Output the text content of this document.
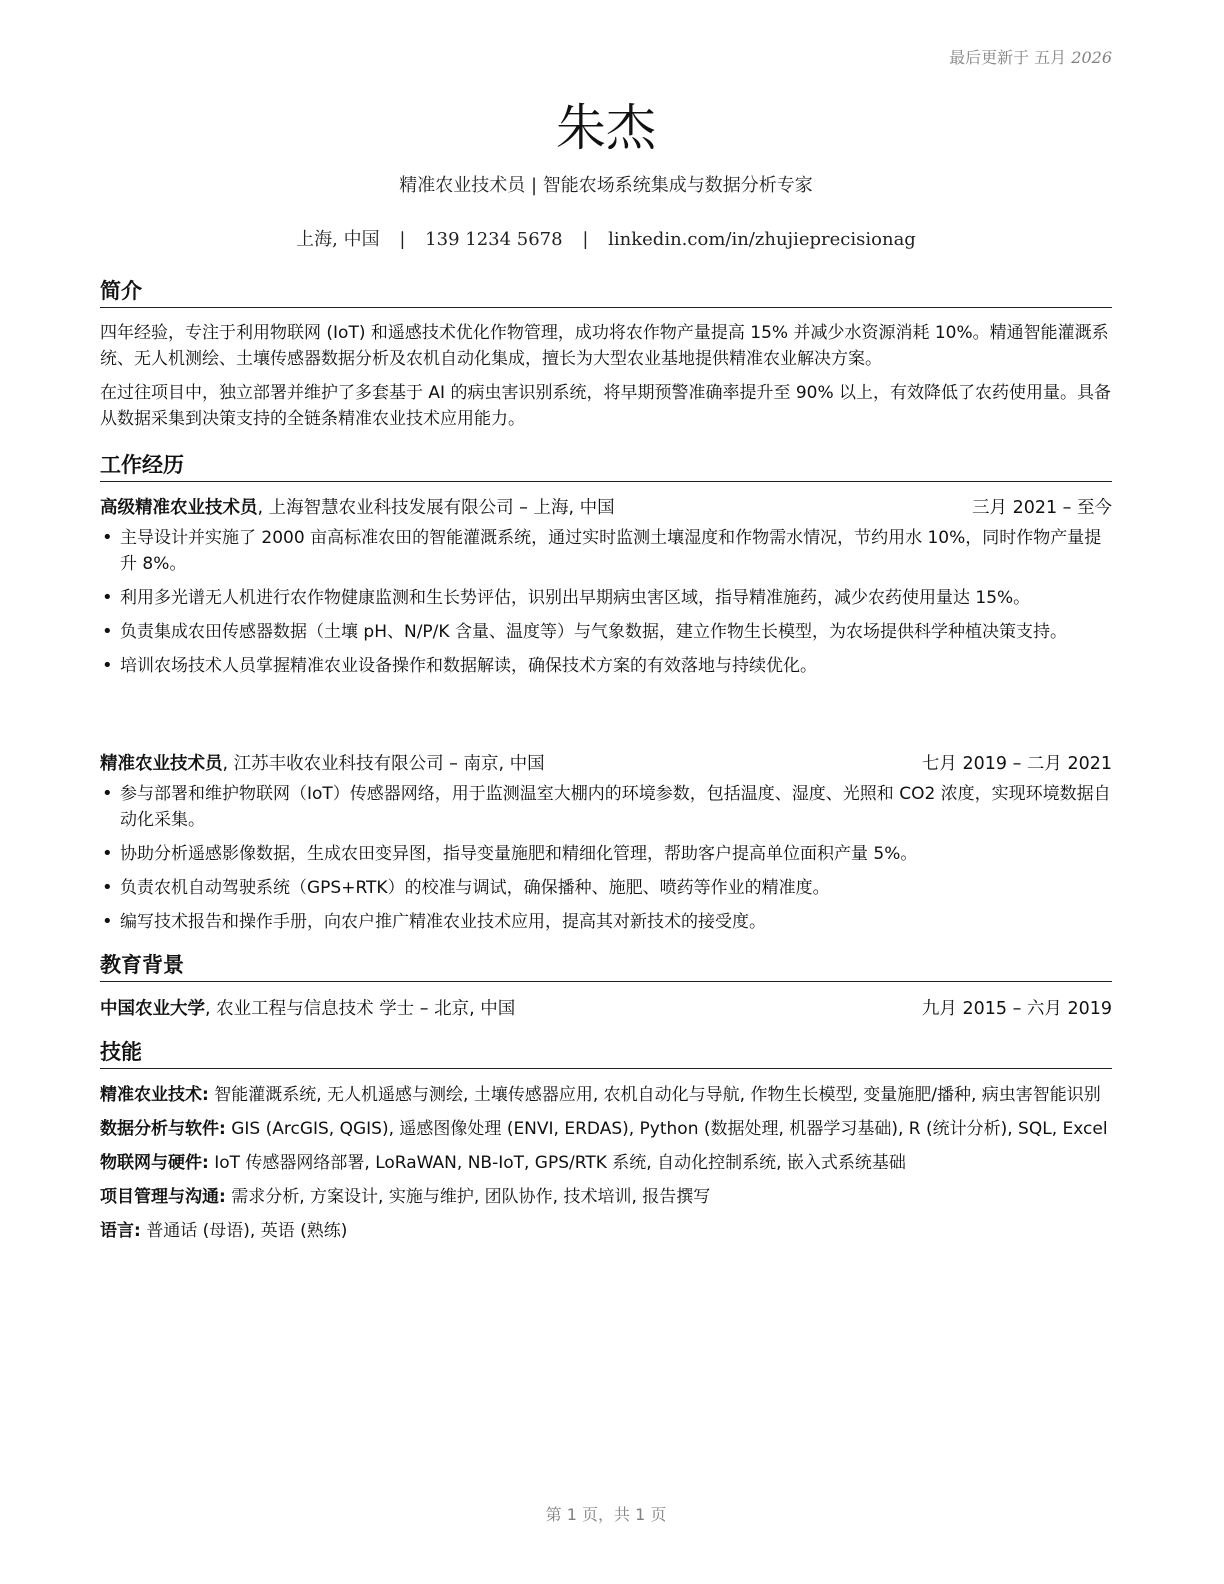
最后更新于 五月 2026
朱杰
精准农业技术员 | 智能农场系统集成与数据分析专家
上海, 中国 | 139 1234 5678 | linkedin.com/in/zhujieprecisionag
简介

四年经验，专注于利用物联网 (IoT) 和遥感技术优化作物管理，成功将农作物产量提高 15% 并减少水资源消耗 10%。精通智能灌溉系统、无人机测绘、土壤传感器数据分析及农机自动化集成，擅长为大型农业基地提供精准农业解决方案。

在过往项目中，独立部署并维护了多套基于 AI 的病虫害识别系统，将早期预警准确率提升至 90% 以上，有效降低了农药使用量。具备从数据采集到决策支持的全链条精准农业技术应用能力。

工作经历
高级精准农业技术员, 上海智慧农业科技发展有限公司 – 上海, 中国	三月 2021 – 至今
• 主导设计并实施了 2000 亩高标准农田的智能灌溉系统，通过实时监测土壤湿度和作物需水情况，节约用水 10%，同时作物产量提升 8%。
• 利用多光谱无人机进行农作物健康监测和生长势评估，识别出早期病虫害区域，指导精准施药，减少农药使用量达 15%。
• 负责集成农田传感器数据（土壤 pH、N/P/K 含量、温度等）与气象数据，建立作物生长模型，为农场提供科学种植决策支持。
• 培训农场技术人员掌握精准农业设备操作和数据解读，确保技术方案的有效落地与持续优化。
精准农业技术员, 江苏丰收农业科技有限公司 – 南京, 中国	七月 2019 – 二月 2021
• 参与部署和维护物联网（IoT）传感器网络，用于监测温室大棚内的环境参数，包括温度、湿度、光照和 CO2 浓度，实现环境数据自动化采集。
• 协助分析遥感影像数据，生成农田变异图，指导变量施肥和精细化管理，帮助客户提高单位面积产量 5%。
• 负责农机自动驾驶系统（GPS+RTK）的校准与调试，确保播种、施肥、喷药等作业的精准度。
• 编写技术报告和操作手册，向农户推广精准农业技术应用，提高其对新技术的接受度。
教育背景
中国农业大学, 农业工程与信息技术 学士 – 北京, 中国	九月 2015 – 六月 2019
技能
精准农业技术: 智能灌溉系统, 无人机遥感与测绘, 土壤传感器应用, 农机自动化与导航, 作物生长模型, 变量施肥/播种, 病虫害智能识别
数据分析与软件: GIS (ArcGIS, QGIS), 遥感图像处理 (ENVI, ERDAS), Python (数据处理, 机器学习基础), R (统计分析), SQL, Excel
物联网与硬件: IoT 传感器网络部署, LoRaWAN, NB-IoT, GPS/RTK 系统, 自动化控制系统, 嵌入式系统基础
项目管理与沟通: 需求分析, 方案设计, 实施与维护, 团队协作, 技术培训, 报告撰写
语言: 普通话 (母语), 英语 (熟练)
第 1 页，共 1 页
